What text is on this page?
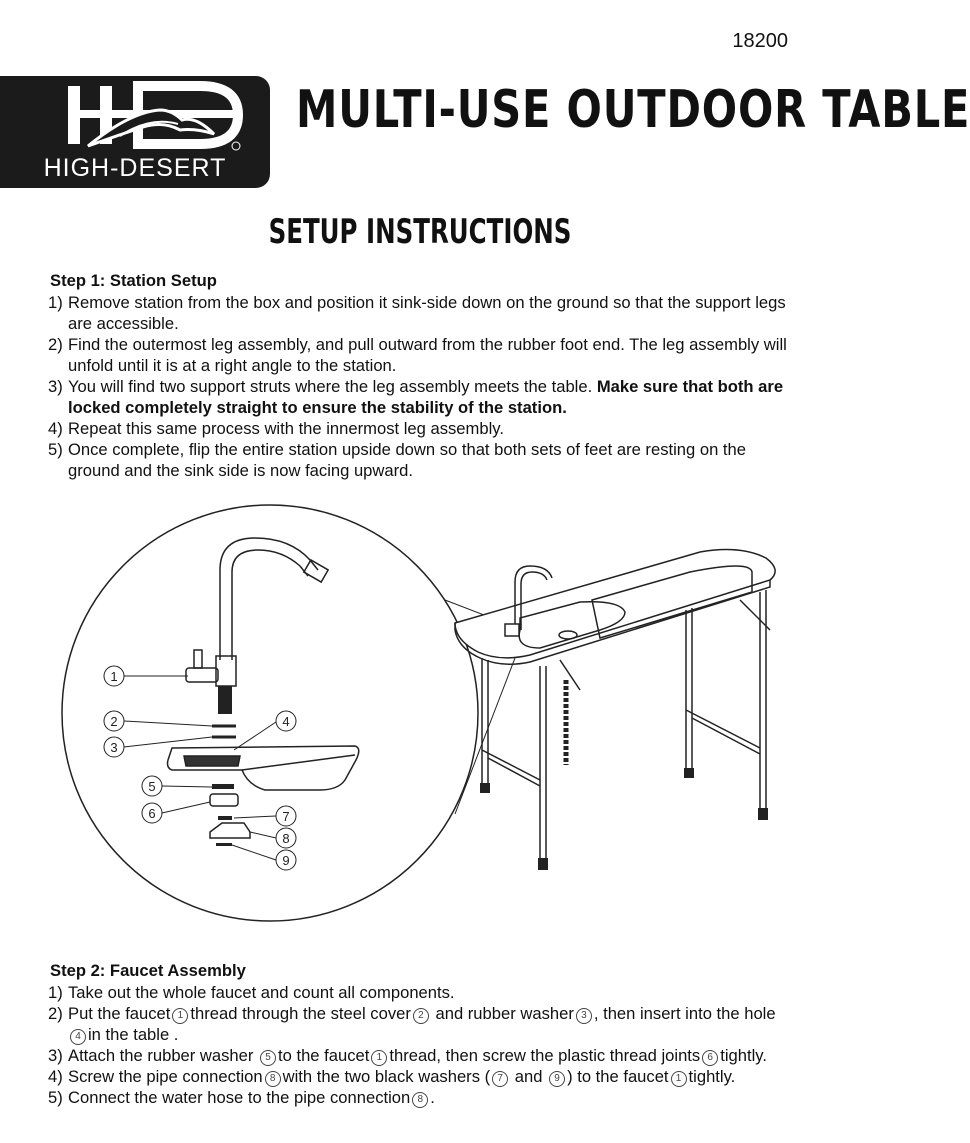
18200
HIGH-DESERT
MULTI-USE OUTDOOR TABLE
SETUP INSTRUCTIONS
Step 1: Station Setup
1) Remove station from the box and position it sink-side down on the ground so that the support legs are accessible.
2) Find the outermost leg assembly, and pull outward from the rubber foot end. The leg assembly will unfold until it is at a right angle to the station.
3) You will find two support struts where the leg assembly meets the table. Make sure that both are locked completely straight to ensure the stability of the station.
4) Repeat this same process with the innermost leg assembly.
5) Once complete, flip the entire station upside down so that both sets of feet are resting on the ground and the sink side is now facing upward.
1
2
3
4
5
6	7
8
9
Step 2: Faucet Assembly
1) Take out the whole faucet and count all components.
2) Put the faucet 1 thread through the steel cover 2 and rubber washer 3 , then insert into the hole4 in the table .
3) Attach the rubber washer 5 to the faucet 1 thread, then screw the plastic thread joints 6 tightly.
4) Screw the pipe connection 8 with the two black washers ( 7 and 9 ) to the faucet 1 tightly.
5) Connect the water hose to the pipe connection 8 .
